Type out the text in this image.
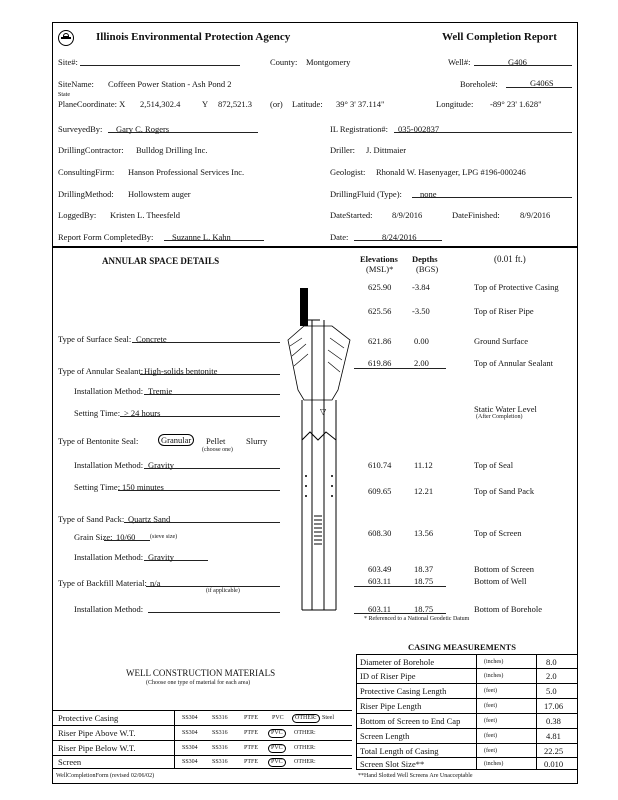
Illinois Environmental Protection Agency	Well Completion Report
Site#:	County: Montgomery	Well#:	G406
SiteName: Coffeen Power Station - Ash Pond 2	Borehole#:	G406S
State
PlaneCoordinate: X 2,514,302.4	Y 872,521.3 (or) Latitude: 39° 3' 37.114"	Longitude: -89° 23' 1.628"
SurveyedBy: Gary C. Rogers	IL Registration#: 035-002837
DrillingContractor: Bulldog Drilling Inc.	Driller: J. Dittmaier
ConsultingFirm: Hanson Professional Services Inc.	Geologist: Rhonald W. Hasenyager, LPG #196-000246
DrillingMethod: Hollowstem auger	DrillingFluid (Type): none
LoggedBy: Kristen L. Theesfeld	DateStarted: 8/9/2016	DateFinished: 8/9/2016
Report Form CompletedBy: Suzanne L. Kahn	Date:	8/24/2016
ANNULAR SPACE DETAILS	Elevations
(MSL)*
Depths
(BGS)
(0.01 ft.)
▽
625.90 -3.84	Top of Protective Casing
625.56 -3.50	Top of Riser Pipe
621.86	0.00	Ground Surface
619.86	2.00	Top of Annular Sealant
610.74	11.12	Top of Seal
609.65	12.21	Top of Sand Pack
608.30	13.56	Top of Screen
603.49	18.37	Bottom of Screen
603.11	18.75	Bottom of Well
603.11	18.75	Bottom of Borehole
* Referenced to a National Geodetic Datum
Static Water Level
(After Completion)
Type of Surface Seal: Concrete
Type of Annular Sealant: High-solids bentonite
Installation Method: Tremie
Setting Time: > 24 hours
Type of Bentonite Seal:	Granular	Pellet Slurry
(choose one)
Installation Method: Gravity
Setting Time: 150 minutes
Type of Sand Pack: Quartz Sand
Grain Size: 10/60 (sieve size)
Installation Method: Gravity
Type of Backfill Material: n/a
(if applicable)
Installation Method:
CASING MEASUREMENTS
Diameter of Borehole	(inches)	8.0
ID of Riser Pipe	(inches)	2.0
Protective Casing Length	(feet)	5.0
Riser Pipe Length	(feet)	17.06
Bottom of Screen to End Cap	(feet)	0.38
Screen Length	(feet)	4.81
Total Length of Casing	(feet)	22.25
Screen Slot Size**	(inches)	0.010
**Hand Slotted Well Screens Are Unacceptable
WELL CONSTRUCTION MATERIALS
(Choose one type of material for each area)
Protective Casing	SS304 SS316	PTFE PVC	OTHER: Steel
Riser Pipe Above W.T.	SS304 SS316	PTFE	PVC	OTHER:
Riser Pipe Below W.T.	SS304 SS316	PTFE	PVC	OTHER:
Screen	SS304 SS316	PTFE	PVC	OTHER:
WellCompletionForm (revised 02/06/02)
